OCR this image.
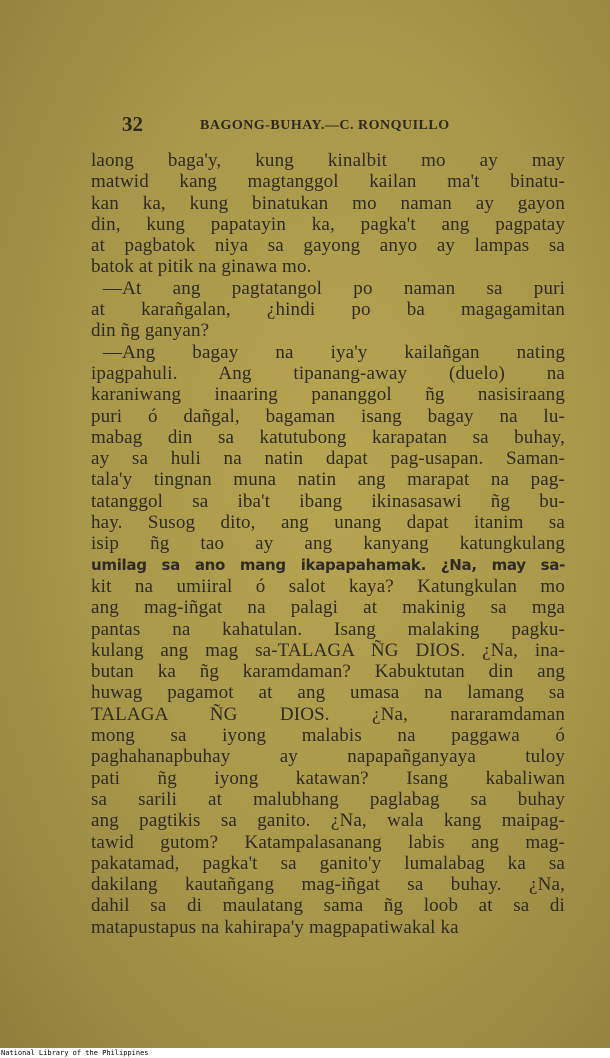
32	BAGONG-BUHAY.—C. RONQUILLO
laong baga'y, kung kinalbit mo ay may
matwid kang magtanggol kailan ma't binatu-
kan ka, kung binatukan mo naman ay gayon
din, kung papatayin ka, pagka't ang pagpatay
at pagbatok niya sa gayong anyo ay lampas sa
batok at pitik na ginawa mo.
—At ang pagtatangol po naman sa puri
at karañgalan, ¿hindi po ba magagamitan
din ñg ganyan?
—Ang bagay na iya'y kailañgan nating
ipagpahuli. Ang tipanang-away (duelo) na
karaniwang inaaring pananggol ñg nasisiraang
puri ó dañgal, bagaman isang bagay na lu-
mabag din sa katutubong karapatan sa buhay,
ay sa huli na natin dapat pag-usapan. Saman-
tala'y tingnan muna natin ang marapat na pag-
tatanggol sa iba't ibang ikinasasawi ñg bu-
hay. Susog dito, ang unang dapat itanim sa
isip ñg tao ay ang kanyang katungkulang
umilag sa ano mang ikapapahamak. ¿Na, may sa-
kit na umiiral ó salot kaya? Katungkulan mo
ang mag-iñgat na palagi at makinig sa mga
pantas na kahatulan. Isang malaking pagku-
kulang ang mag sa-TALAGA ÑG DIOS. ¿Na, ina-
butan ka ñg karamdaman? Kabuktutan din ang
huwag pagamot at ang umasa na lamang sa
TALAGA ÑG DIOS. ¿Na, nararamdaman
mong sa iyong malabis na paggawa ó
paghahanapbuhay ay napapañganyaya tuloy
pati ñg iyong katawan? Isang kabaliwan
sa sarili at malubhang paglabag sa buhay
ang pagtikis sa ganito. ¿Na, wala kang maipag-
tawid gutom? Katampalasanang labis ang mag-
pakatamad, pagka't sa ganito'y lumalabag ka sa
dakilang kautañgang mag-iñgat sa buhay. ¿Na,
dahil sa di maulatang sama ñg loob at sa di
matapustapus na kahirapa'y magpapatiwakal ka
National Library of the Philippines
